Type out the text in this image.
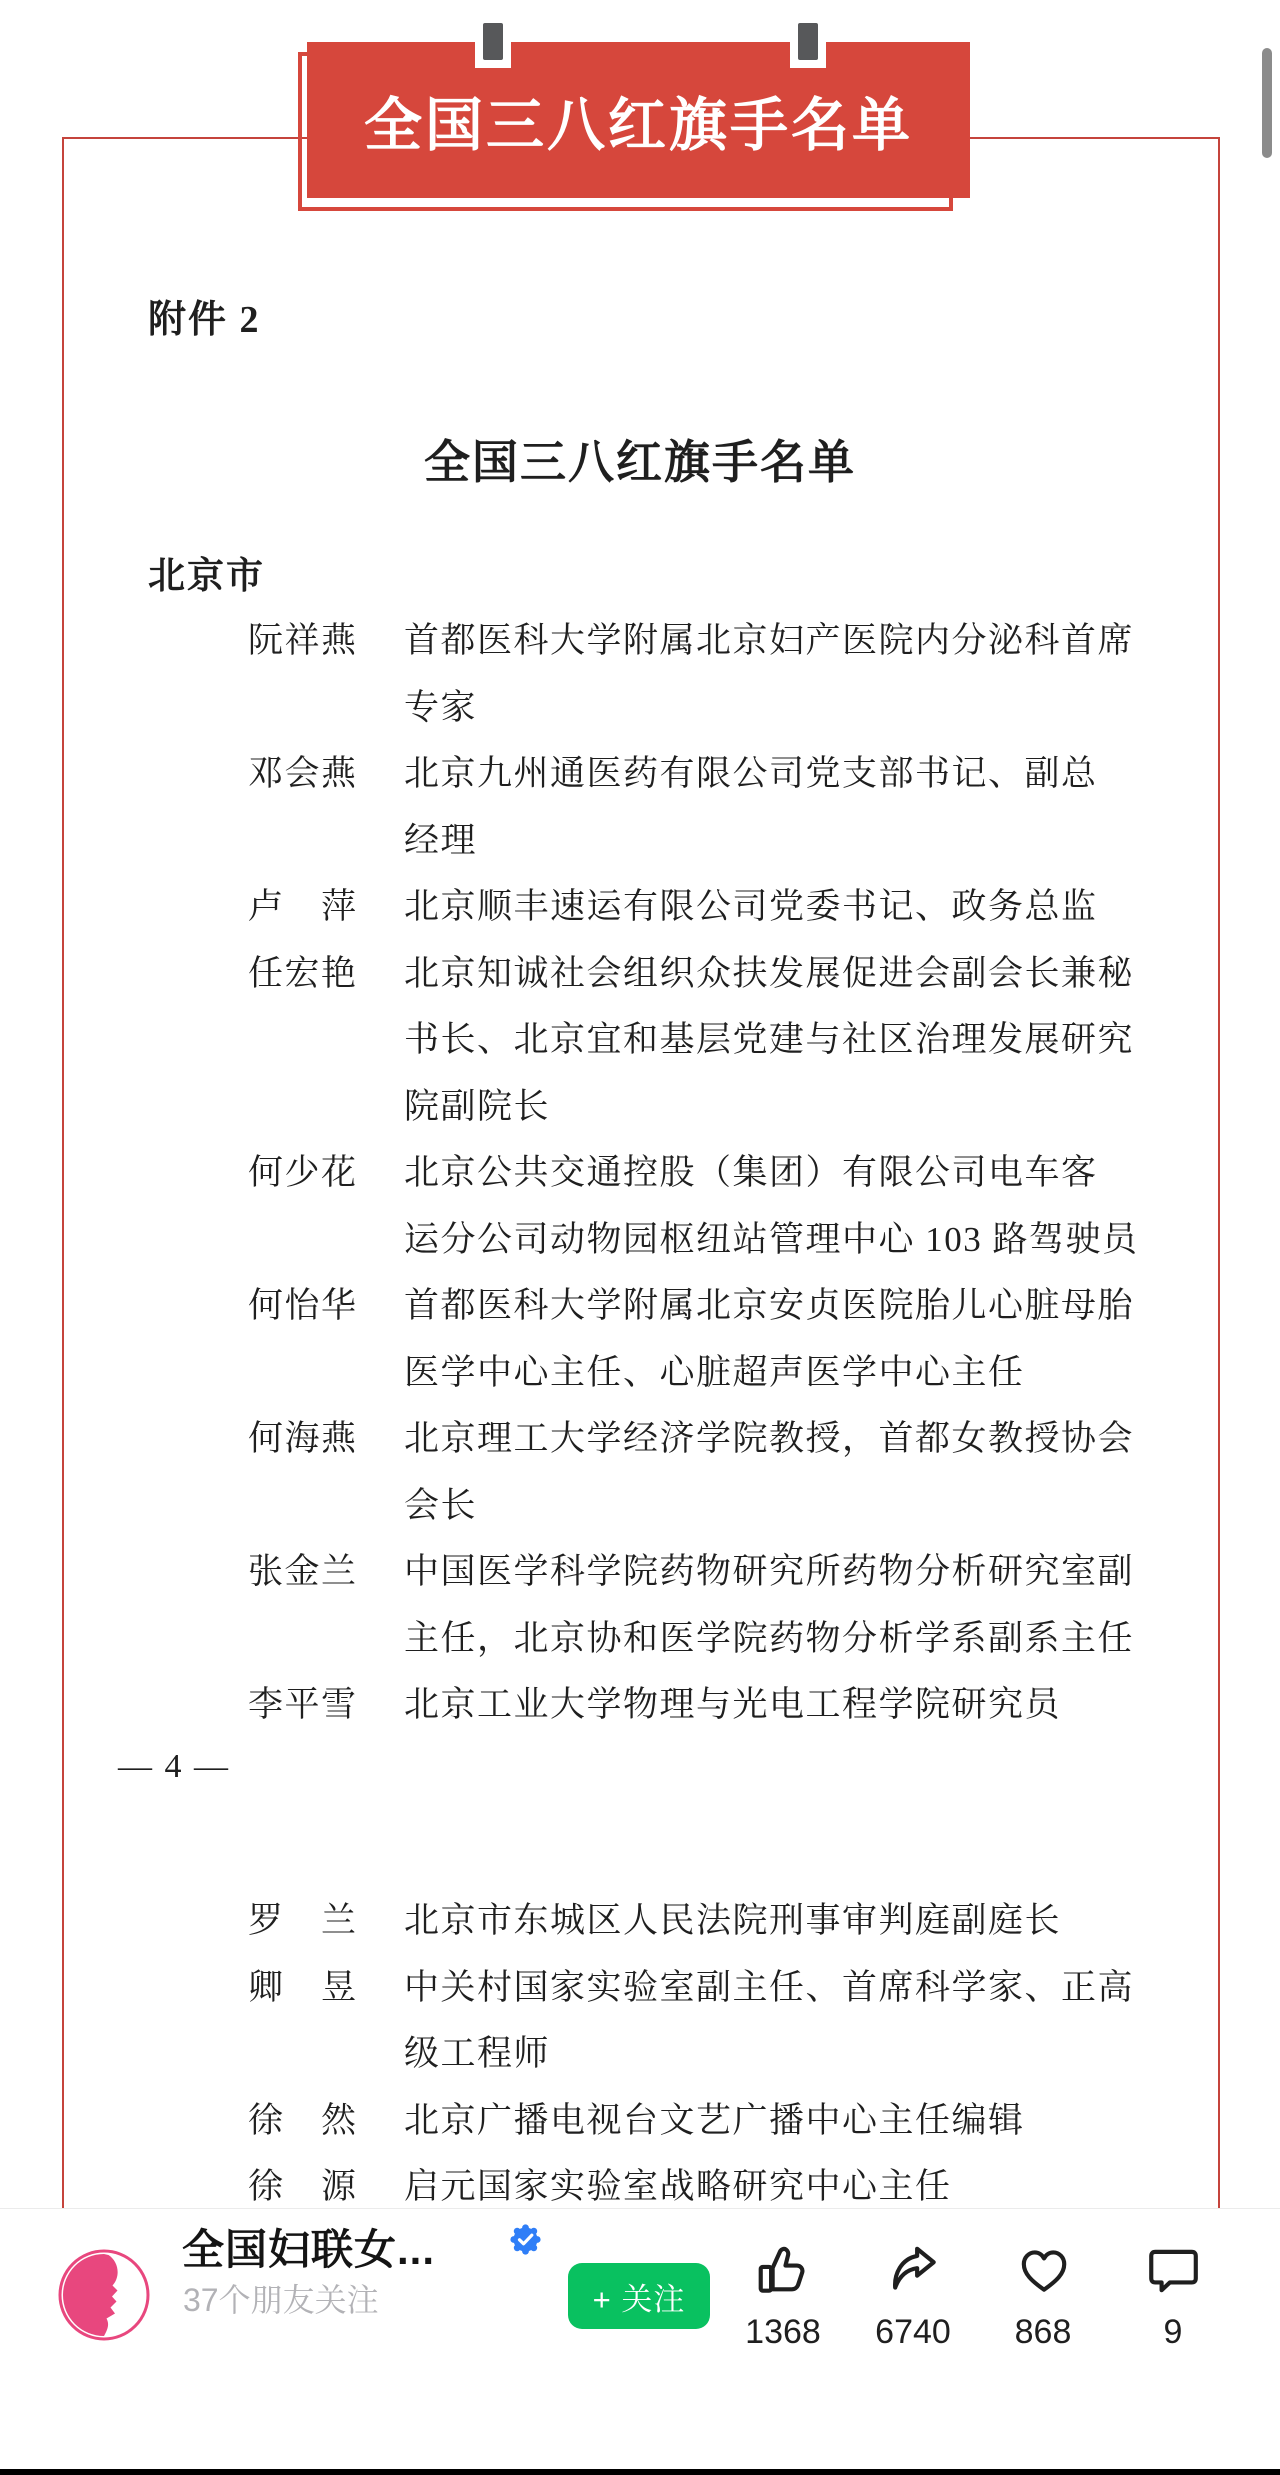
全国三八红旗手名单
附件 2
全国三八红旗手名单
北京市
阮祥燕 首都医科大学附属北京妇产医院内分泌科首席
专家
邓会燕 北京九州通医药有限公司党支部书记、副总
经理
卢　萍 北京顺丰速运有限公司党委书记、政务总监
任宏艳 北京知诚社会组织众扶发展促进会副会长兼秘
书长、北京宜和基层党建与社区治理发展研究
院副院长
何少花 北京公共交通控股（集团）有限公司电车客
运分公司动物园枢纽站管理中心 103 路驾驶员
何怡华 首都医科大学附属北京安贞医院胎儿心脏母胎
医学中心主任、心脏超声医学中心主任
何海燕 北京理工大学经济学院教授，首都女教授协会
会长
张金兰 中国医学科学院药物研究所药物分析研究室副
主任，北京协和医学院药物分析学系副系主任
李平雪 北京工业大学物理与光电工程学院研究员
— 4 —
罗　兰 北京市东城区人民法院刑事审判庭副庭长
卿　昱 中关村国家实验室副主任、首席科学家、正高
级工程师
徐　然 北京广播电视台文艺广播中心主任编辑
徐　源 启元国家实验室战略研究中心主任
全国妇联女...
37个朋友关注	+ 关注
1368 6740 868	9
